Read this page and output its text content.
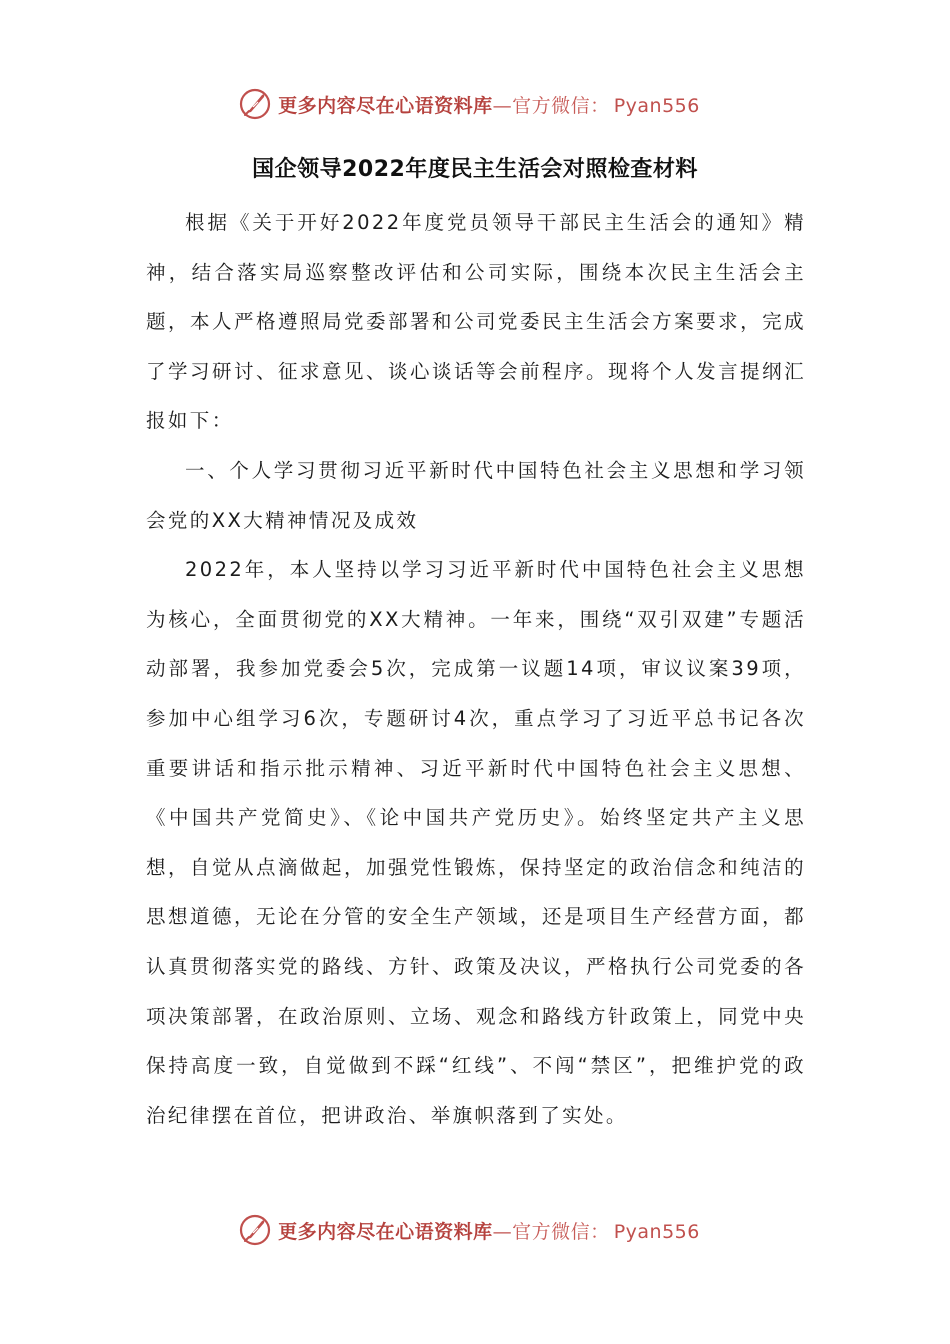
更多内容尽在心语资料库—官方微信： Pyan556
国企领导2022年度民主生活会对照检查材料

根据《关于开好2022年度党员领导干部民主生活会的通知》精神，结合落实局巡察整改评估和公司实际，围绕本次民主生活会主题，本人严格遵照局党委部署和公司党委民主生活会方案要求，完成了学习研讨、征求意见、谈心谈话等会前程序。现将个人发言提纲汇报如下：

一、个人学习贯彻习近平新时代中国特色社会主义思想和学习领会党的XX大精神情况及成效

2022年，本人坚持以学习习近平新时代中国特色社会主义思想为核心，全面贯彻党的XX大精神。一年来，围绕“双引双建”专题活动部署，我参加党委会5次，完成第一议题14项，审议议案39项，参加中心组学习6次，专题研讨4次，重点学习了习近平总书记各次重要讲话和指示批示精神、习近平新时代中国特色社会主义思想、《中国共产党简史》、《论中国共产党历史》。始终坚定共产主义思想，自觉从点滴做起，加强党性锻炼，保持坚定的政治信念和纯洁的思想道德，无论在分管的安全生产领域，还是项目生产经营方面，都认真贯彻落实党的路线、方针、政策及决议，严格执行公司党委的各项决策部署，在政治原则、立场、观念和路线方针政策上，同党中央保持高度一致，自觉做到不踩“红线”、不闯“禁区”，把维护党的政治纪律摆在首位，把讲政治、举旗帜落到了实处。

更多内容尽在心语资料库—官方微信： Pyan556
